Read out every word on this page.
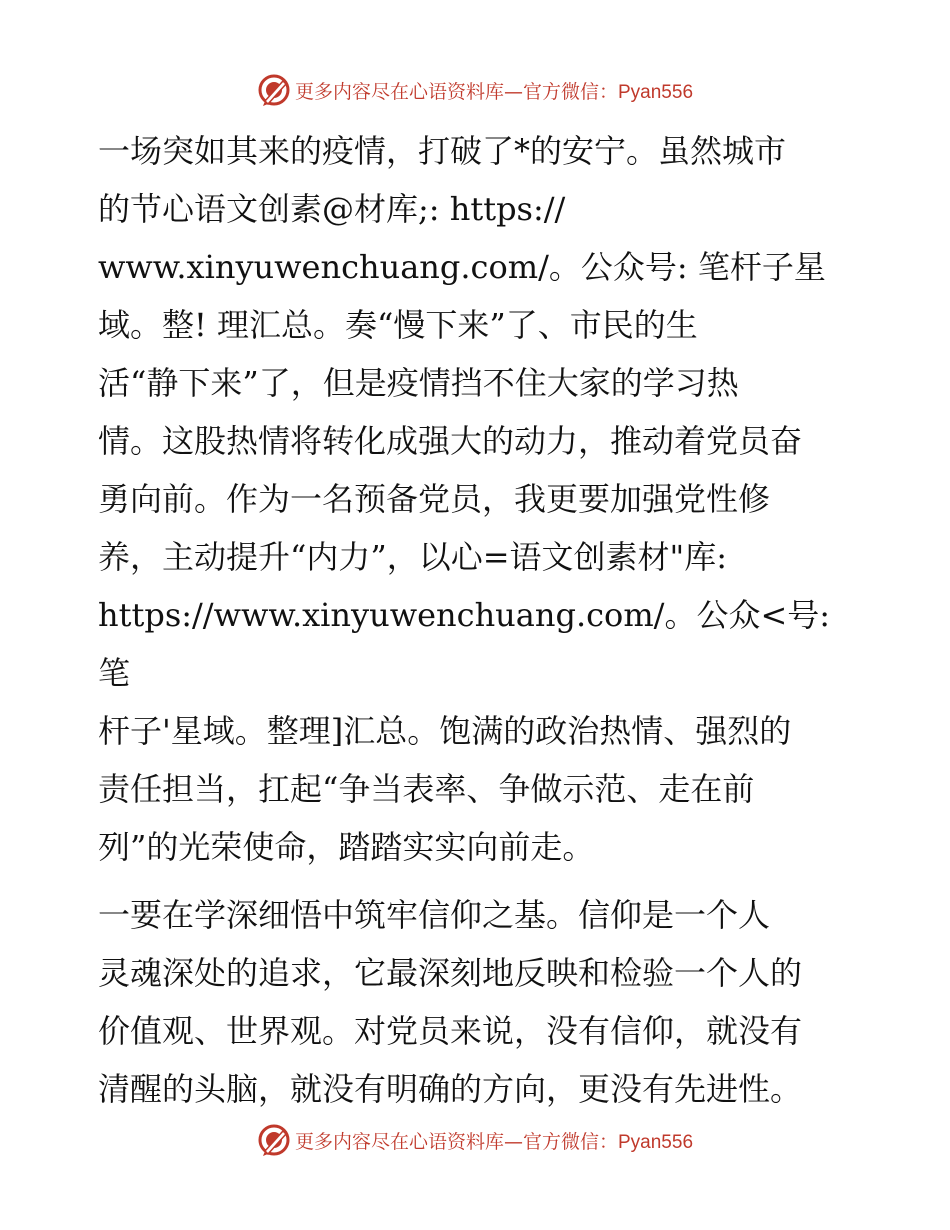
更多内容尽在心语资料库—官方微信：Pyan556

一场突如其来的疫情，打破了*的安宁。虽然城市
的节心语文创素@材库;: https://
www.xinyuwenchuang.com/。公众号: 笔杆子星
域。整! 理汇总。奏“慢下来”了、市民的生
活“静下来”了，但是疫情挡不住大家的学习热
情。这股热情将转化成强大的动力，推动着党员奋
勇向前。作为一名预备党员，我更要加强党性修
养，主动提升“内力”，以心=语文创素材"库:
https://www.xinyuwenchuang.com/。公众<号: 笔
杆子'星域。整理]汇总。饱满的政治热情、强烈的
责任担当，扛起“争当表率、争做示范、走在前
列”的光荣使命，踏踏实实向前走。

一要在学深细悟中筑牢信仰之基。信仰是一个人
灵魂深处的追求，它最深刻地反映和检验一个人的
价值观、世界观。对党员来说，没有信仰，就没有
清醒的头脑，就没有明确的方向，更没有先进性。

更多内容尽在心语资料库—官方微信：Pyan556
